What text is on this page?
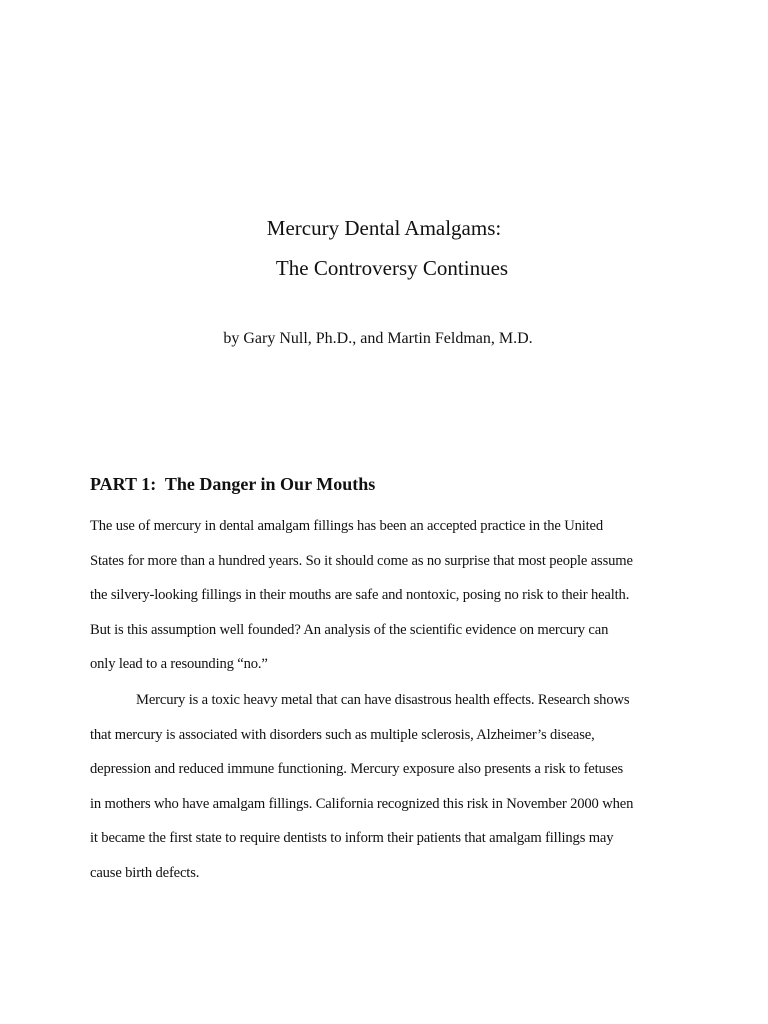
Mercury Dental Amalgams:
The Controversy Continues
by Gary Null, Ph.D., and Martin Feldman, M.D.
PART 1:  The Danger in Our Mouths
The use of mercury in dental amalgam fillings has been an accepted practice in the United
States for more than a hundred years. So it should come as no surprise that most people assume
the silvery-looking fillings in their mouths are safe and nontoxic, posing no risk to their health.
But is this assumption well founded? An analysis of the scientific evidence on mercury can
only lead to a resounding “no.”
Mercury is a toxic heavy metal that can have disastrous health effects. Research shows
that mercury is associated with disorders such as multiple sclerosis, Alzheimer’s disease,
depression and reduced immune functioning. Mercury exposure also presents a risk to fetuses
in mothers who have amalgam fillings. California recognized this risk in November 2000 when
it became the first state to require dentists to inform their patients that amalgam fillings may
cause birth defects.
